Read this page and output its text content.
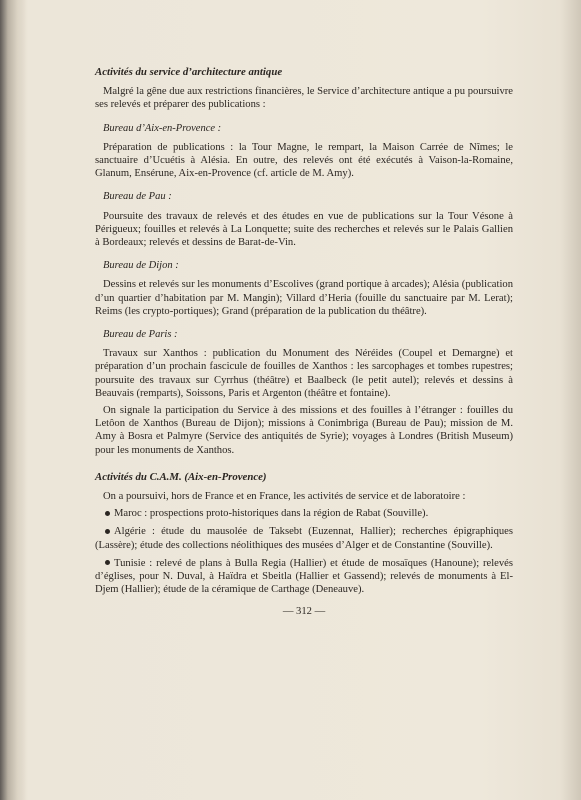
Activités du service d’architecture antique

Malgré la gêne due aux restrictions financières, le Service d’architecture antique a pu poursuivre ses relevés et préparer des publications :

Bureau d’Aix-en-Provence :

Préparation de publications : la Tour Magne, le rempart, la Maison Carrée de Nîmes; le sanctuaire d’Ucuétis à Alésia. En outre, des relevés ont été exécutés à Vaison-la-Romaine, Glanum, Ensérune, Aix-en-Provence (cf. article de M. Amy).

Bureau de Pau :

Poursuite des travaux de relevés et des études en vue de publications sur la Tour Vésone à Périgueux; fouilles et relevés à La Lonquette; suite des recherches et relevés sur le Palais Gallien à Bordeaux; relevés et dessins de Barat-de-Vin.

Bureau de Dijon :

Dessins et relevés sur les monuments d’Escolives (grand portique à arcades); Alésia (publication d’un quartier d’habitation par M. Mangin); Villard d’Heria (fouille du sanctuaire par M. Lerat); Reims (les crypto-portiques); Grand (préparation de la publication du théâtre).

Bureau de Paris :

Travaux sur Xanthos : publication du Monument des Néréides (Coupel et Demargne) et préparation d’un prochain fascicule de fouilles de Xanthos : les sarcophages et tombes rupestres; poursuite des travaux sur Cyrrhus (théâtre) et Baalbeck (le petit autel); relevés et dessins à Beauvais (remparts), Soissons, Paris et Argenton (théâtre et fontaine).

On signale la participation du Service à des missions et des fouilles à l’étranger : fouilles du Letôon de Xanthos (Bureau de Dijon); missions à Conimbriga (Bureau de Pau); mission de M. Amy à Bosra et Palmyre (Service des antiquités de Syrie); voyages à Londres (British Museum) pour les monuments de Xanthos.

Activités du C.A.M. (Aix-en-Provence)

On a poursuivi, hors de France et en France, les activités de service et de laboratoire :

Maroc : prospections proto-historiques dans la région de Rabat (Souville).
Algérie : étude du mausolée de Taksebt (Euzennat, Hallier); recherches épigraphiques (Lassère); étude des collections néolithiques des musées d’Alger et de Constantine (Souville).
Tunisie : relevé de plans à Bulla Regia (Hallier) et étude de mosaïques (Hanoune); relevés d’églises, pour N. Duval, à Haïdra et Sbeitla (Hallier et Gassend); relevés de monuments à El-Djem (Hallier); étude de la céramique de Carthage (Deneauve).
— 312 —
